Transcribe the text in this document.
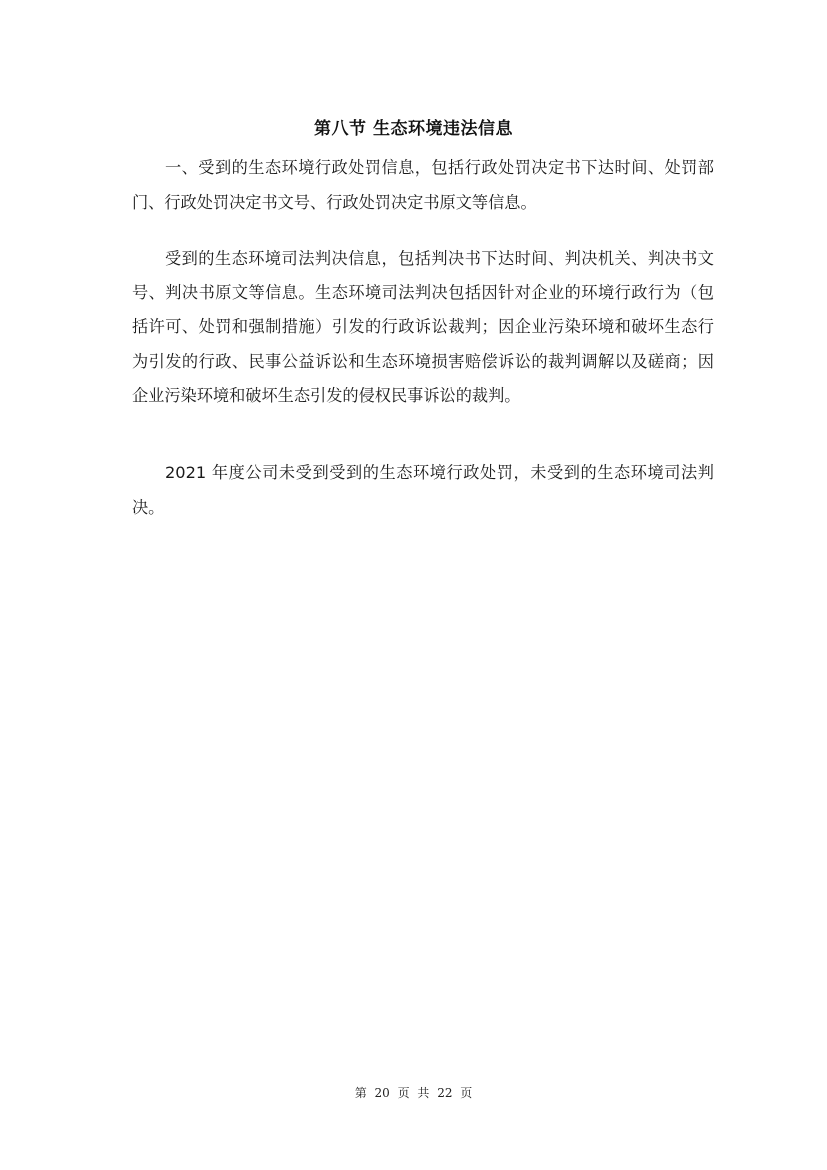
第八节 生态环境违法信息

一、受到的生态环境行政处罚信息，包括行政处罚决定书下达时间、处罚部门、行政处罚决定书文号、行政处罚决定书原文等信息。

受到的生态环境司法判决信息，包括判决书下达时间、判决机关、判决书文号、判决书原文等信息。生态环境司法判决包括因针对企业的环境行政行为（包括许可、处罚和强制措施）引发的行政诉讼裁判；因企业污染环境和破坏生态行为引发的行政、民事公益诉讼和生态环境损害赔偿诉讼的裁判调解以及磋商；因企业污染环境和破坏生态引发的侵权民事诉讼的裁判。

2021 年度公司未受到受到的生态环境行政处罚，未受到的生态环境司法判决。

第 20 页 共 22 页
